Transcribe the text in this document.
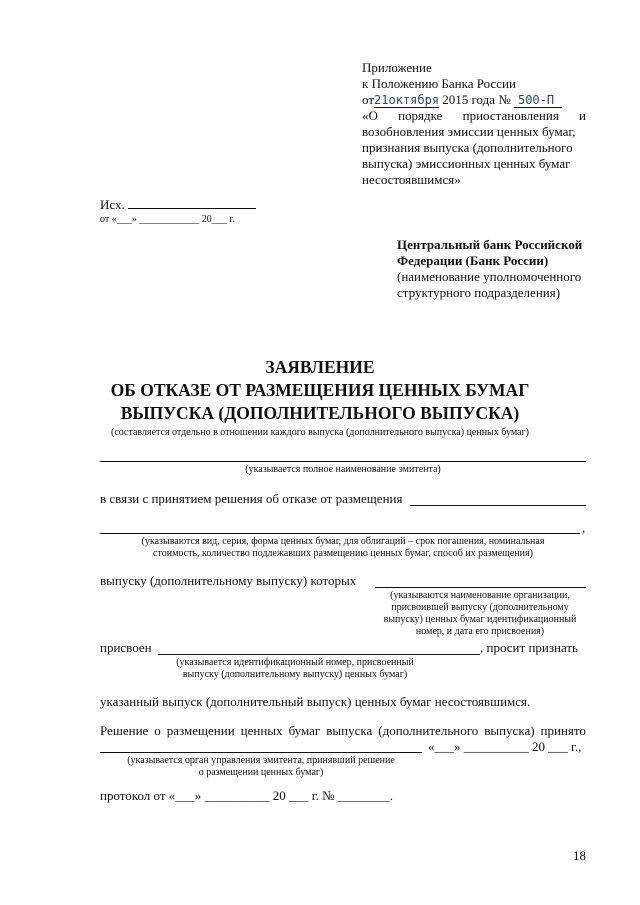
Приложение
к Положению Банка России
от21октября 2015 года № 500-П
«О порядке приостановления и
возобновления эмиссии ценных бумаг,
признания выпуска (дополнительного
выпуска) эмиссионных ценных бумаг
несостоявшимся»
Исх.
от «___» ____________ 20___ г.
Центральный банк Российской
Федерации (Банк России)
(наименование уполномоченного
структурного подразделения)
ЗАЯВЛЕНИЕ
ОБ ОТКАЗЕ ОТ РАЗМЕЩЕНИЯ ЦЕННЫХ БУМАГ
ВЫПУСКА (ДОПОЛНИТЕЛЬНОГО ВЫПУСКА)
(составляется отдельно в отношении каждого выпуска (дополнительного выпуска) ценных бумаг)
(указывается полное наименование эмитента)
в связи с принятием решения об отказе от размещения
,
(указываются вид, серия, форма ценных бумаг, для облигаций – срок погашения, номинальная
стоимость, количество подлежавших размещению ценных бумаг, способ их размещения)
выпуску (дополнительному выпуску) которых
(указываются наименование организации,
присвоившей выпуску (дополнительному
выпуску) ценных бумаг идентификационный
номер, и дата его присвоения)
присвоен	, просит признать
(указывается идентификационный номер, присвоенный
выпуску (дополнительному выпуску) ценных бумаг)
указанный выпуск (дополнительный выпуск) ценных бумаг несостоявшимся.
Решение о размещении ценных бумаг выпуска (дополнительного выпуска) принято
«___» __________ 20 ___ г.,
(указывается орган управления эмитента, принявший решение
о размещении ценных бумаг)
протокол от «___» __________ 20 ___ г. № ________.
18
